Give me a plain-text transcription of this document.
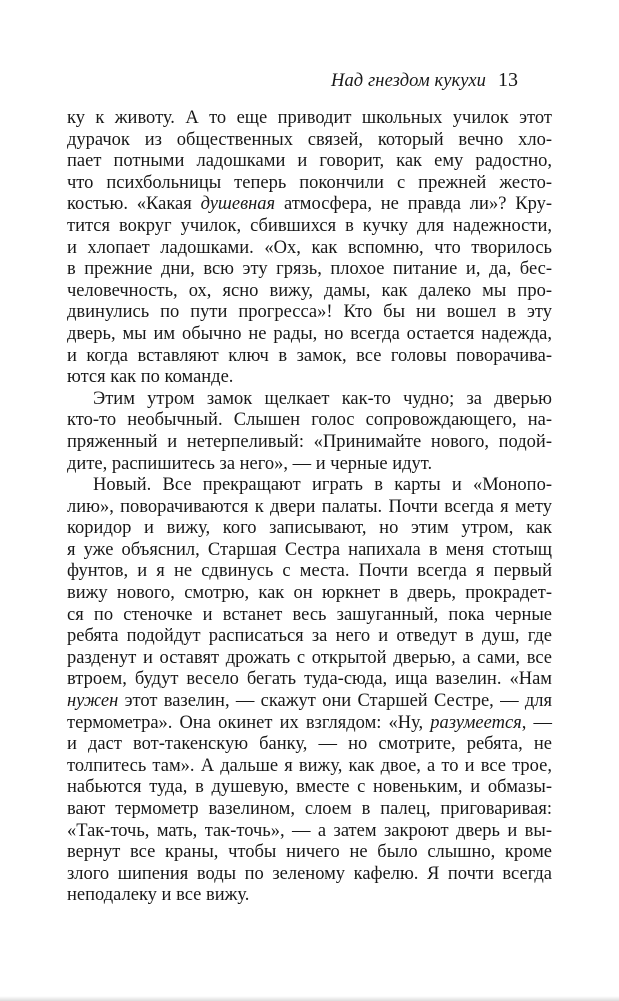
Над гнездом кукухи 13
ку к животу. А то еще приводит школьных училок этот
дурачок из общественных связей, который вечно хло-
пает потными ладошками и говорит, как ему радостно,
что психбольницы теперь покончили с прежней жесто-
костью. «Какая душевная атмосфера, не правда ли»? Кру-
тится вокруг училок, сбившихся в кучку для надежности,
и хлопает ладошками. «Ох, как вспомню, что творилось
в прежние дни, всю эту грязь, плохое питание и, да, бес-
человечность, ох, ясно вижу, дамы, как далеко мы про-
двинулись по пути прогресса»! Кто бы ни вошел в эту
дверь, мы им обычно не рады, но всегда остается надежда,
и когда вставляют ключ в замок, все головы поворачива-
ются как по команде.
Этим утром замок щелкает как-то чудно; за дверью
кто-то необычный. Слышен голос сопровождающего, на-
пряженный и нетерпеливый: «Принимайте нового, подой-
дите, распишитесь за него», — и черные идут.
Новый. Все прекращают играть в карты и «Монопо-
лию», поворачиваются к двери палаты. Почти всегда я мету
коридор и вижу, кого записывают, но этим утром, как
я уже объяснил, Старшая Сестра напихала в меня стотыщ
фунтов, и я не сдвинусь с места. Почти всегда я первый
вижу нового, смотрю, как он юркнет в дверь, прокрадет-
ся по стеночке и встанет весь зашуганный, пока черные
ребята подойдут расписаться за него и отведут в душ, где
разденут и оставят дрожать с открытой дверью, а сами, все
втроем, будут весело бегать туда-сюда, ища вазелин. «Нам
нужен этот вазелин, — скажут они Старшей Сестре, — для
термометра». Она окинет их взглядом: «Ну, разумеется, —
и даст вот-такенскую банку, — но смотрите, ребята, не
толпитесь там». А дальше я вижу, как двое, а то и все трое,
набьются туда, в душевую, вместе с новеньким, и обмазы-
вают термометр вазелином, слоем в палец, приговаривая:
«Так-точь, мать, так-точь», — а затем закроют дверь и вы-
вернут все краны, чтобы ничего не было слышно, кроме
злого шипения воды по зеленому кафелю. Я почти всегда
неподалеку и все вижу.
